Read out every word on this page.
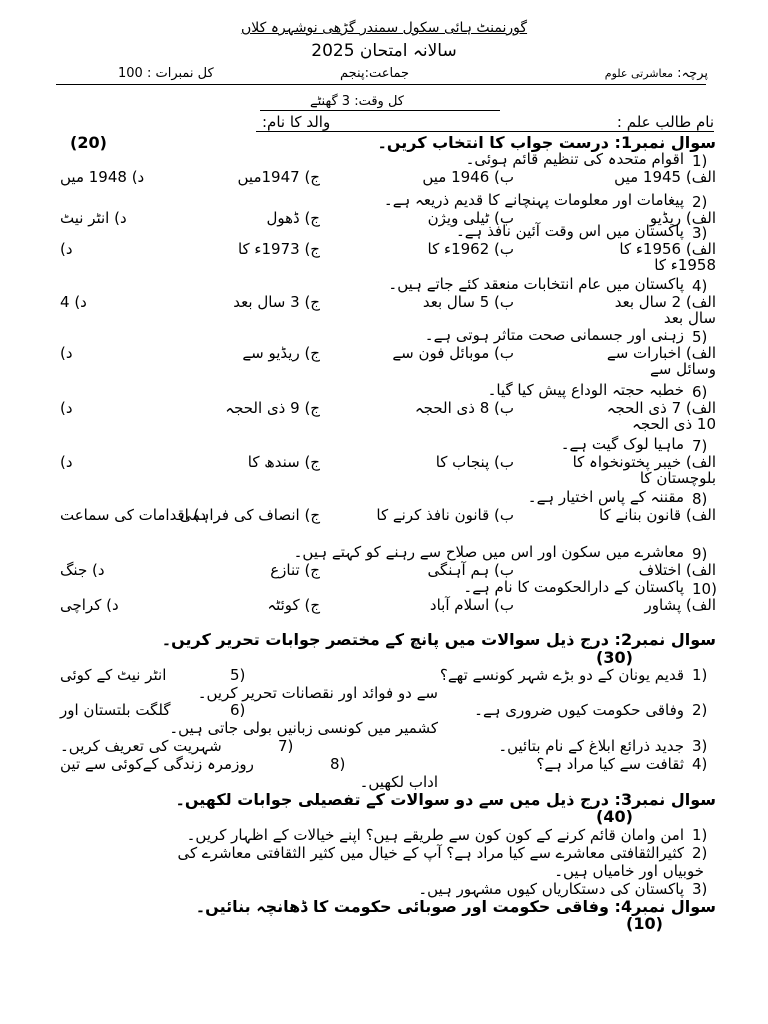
گورنمنٹ ہائی سکول سمندر گڑھی نوشہرہ کلاں
سالانہ امتحان 2025
پرچہ: معاشرتی علوم
جماعت:پنجم
کل نمبرات : 100
کل وقت: 3 گھنٹے
نام طالب علم :
والد کا نام:
سوال نمبر1: درست جواب کا انتخاب کریں۔
(20)
1)
اقوام متحدہ کی تنظیم قائم ہوئی۔
الف) 1945 میں
ب) 1946 میں
ج) 1947میں
د) 1948 میں
2)
پیغامات اور معلومات پہنچانے کا قدیم ذریعہ ہے۔
الف) ریڈیو
ب) ٹیلی ویژن
ج) ڈھول
د) انٹر نیٹ
3)
پاکستان میں اس وقت آئین نافذ ہے۔
الف) 1956ء کا
ب) 1962ء کا
ج) 1973ء کا
د)
1958ء کا
4)
پاکستان میں عام انتخابات منعقد کئے جاتے ہیں۔
الف) 2 سال بعد
ب) 5 سال بعد
ج) 3 سال بعد
د) 4
سال بعد
5)
زہنی اور جسمانی صحت متاثر ہوتی ہے۔
الف) اخبارات سے
ب) موبائل فون سے
ج) ریڈیو سے
د)
وسائل سے
6)
خطبہ حجتہ الوداع پیش کیا گیا۔
الف) 7 ذی الحجہ
ب) 8 ذی الحجہ
ج) 9 ذی الحجہ
د)
10 ذی الحجہ
7)
ماہیا لوک گیت ہے۔
الف) خیبر پختونخواہ کا
ب) پنجاب کا
ج) سندھ کا
د)
بلوچستان کا
8)
مقننہ کے پاس اختیار ہے۔
الف) قانون بنانے کا
ب) قانون نافذ کرنے کا
ج) انصاف کی فراہمی
د) اقدامات کی سماعت
9)
معاشرے میں سکون اور اس میں صلاح سے رہنے کو کہتے ہیں۔
الف) اختلاف
ب) ہم آہنگی
ج) تنازع
د) جنگ
10)
پاکستان کے دارالحکومت کا نام ہے۔
الف) پشاور
ب) اسلام آباد
ج) کوئٹہ
د) کراچی
سوال نمبر2: درج ذیل سوالات میں پانچ کے مختصر جوابات تحریر کریں۔
(30)
1)
قدیم یونان کے دو بڑے شہر کونسے تھے؟
5)
انٹر نیٹ کے کوئی
سے دو فوائد اور نقصانات تحریر کریں۔
2)
وفاقی حکومت کیوں ضروری ہے۔
6)
گلگت بلتستان اور
کشمیر میں کونسی زبانیں بولی جاتی ہیں۔
3)
جدید ذرائع ابلاغ کے نام بتائیں۔
7)
شہریت کی تعریف کریں۔
4)
ثقافت سے کیا مراد ہے؟
8)
روزمرہ زندگی کےکوئی سے تین
اداب لکھیں۔
سوال نمبر3: درج ذیل میں سے دو سوالات کے تفصیلی جوابات لکھیں۔
(40)
1)
امن وامان قائم کرنے کے کون کون سے طریقے ہیں؟ اپنے خیالات کے اظہار کریں۔
2)
کثیرالثقافتی معاشرے سے کیا مراد ہے؟ آپ کے خیال میں کثیر الثقافتی معاشرے کی
خوبیاں اور خامیاں ہیں۔
3)
پاکستان کی دستکاریاں کیوں مشہور ہیں۔
سوال نمبر4: وفاقی حکومت اور صوبائی حکومت کا ڈھانچہ بنائیں۔
(10)
